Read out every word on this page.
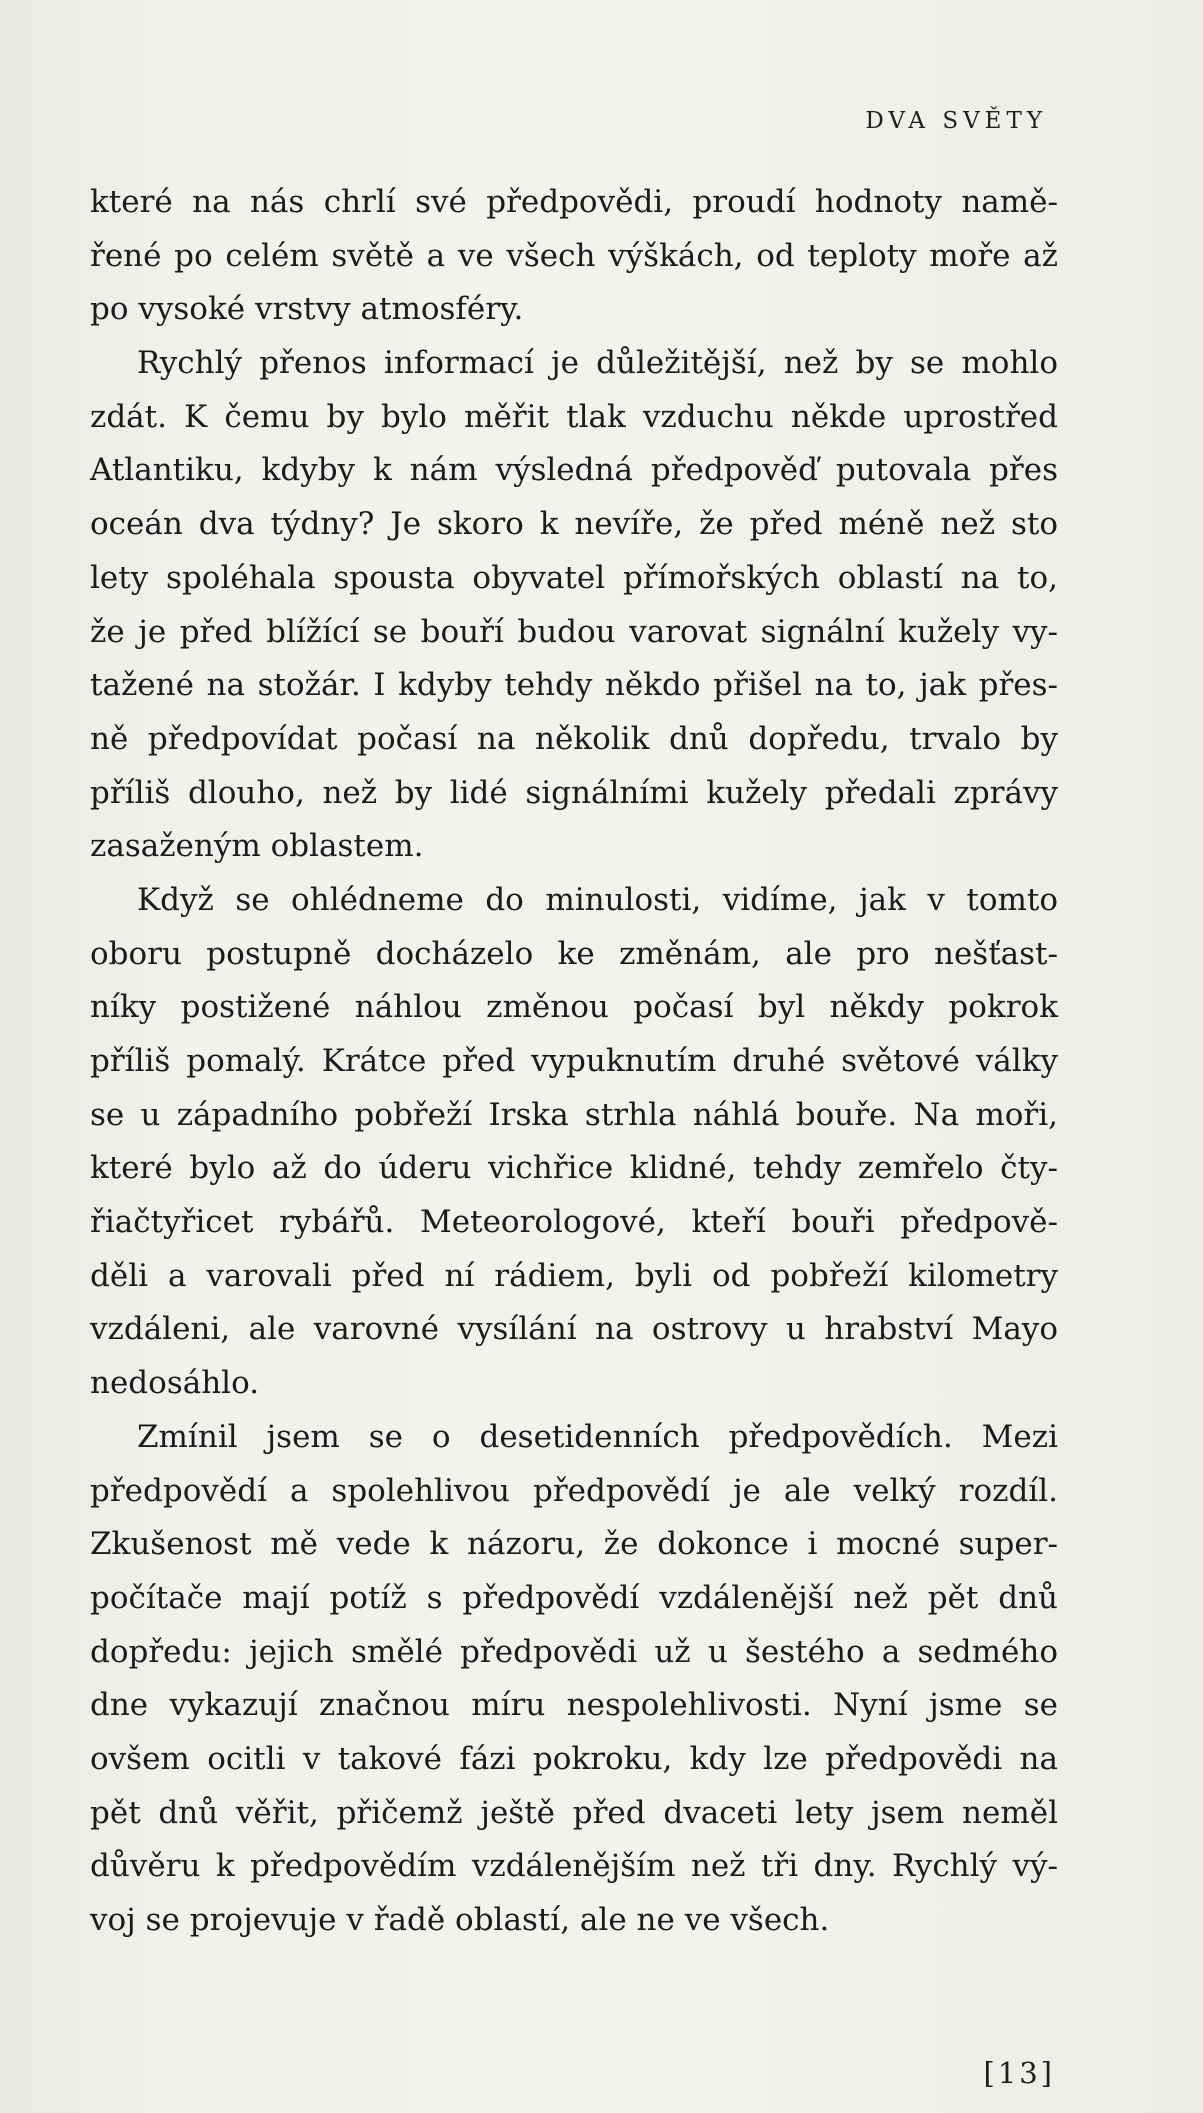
DVA SVĚTY
které na nás chrlí své předpovědi, proudí hodnoty namě-
řené po celém světě a ve všech výškách, od teploty moře až
po vysoké vrstvy atmosféry.
Rychlý přenos informací je důležitější, než by se mohlo
zdát. K čemu by bylo měřit tlak vzduchu někde uprostřed
Atlantiku, kdyby k nám výsledná předpověď putovala přes
oceán dva týdny? Je skoro k nevíře, že před méně než sto
lety spoléhala spousta obyvatel přímořských oblastí na to,
že je před blížící se bouří budou varovat signální kužely vy-
tažené na stožár. I kdyby tehdy někdo přišel na to, jak přes-
ně předpovídat počasí na několik dnů dopředu, trvalo by
příliš dlouho, než by lidé signálními kužely předali zprávy
zasaženým oblastem.
Když se ohlédneme do minulosti, vidíme, jak v tomto
oboru postupně docházelo ke změnám, ale pro nešťast-
níky postižené náhlou změnou počasí byl někdy pokrok
příliš pomalý. Krátce před vypuknutím druhé světové války
se u západního pobřeží Irska strhla náhlá bouře. Na moři,
které bylo až do úderu vichřice klidné, tehdy zemřelo čty-
řiačtyřicet rybářů. Meteorologové, kteří bouři předpově-
děli a varovali před ní rádiem, byli od pobřeží kilometry
vzdáleni, ale varovné vysílání na ostrovy u hrabství Mayo
nedosáhlo.
Zmínil jsem se o desetidenních předpovědích. Mezi
předpovědí a spolehlivou předpovědí je ale velký rozdíl.
Zkušenost mě vede k názoru, že dokonce i mocné super-
počítače mají potíž s předpovědí vzdálenější než pět dnů
dopředu: jejich smělé předpovědi už u šestého a sedmého
dne vykazují značnou míru nespolehlivosti. Nyní jsme se
ovšem ocitli v takové fázi pokroku, kdy lze předpovědi na
pět dnů věřit, přičemž ještě před dvaceti lety jsem neměl
důvěru k předpovědím vzdálenějším než tři dny. Rychlý vý-
voj se projevuje v řadě oblastí, ale ne ve všech.
[13]
